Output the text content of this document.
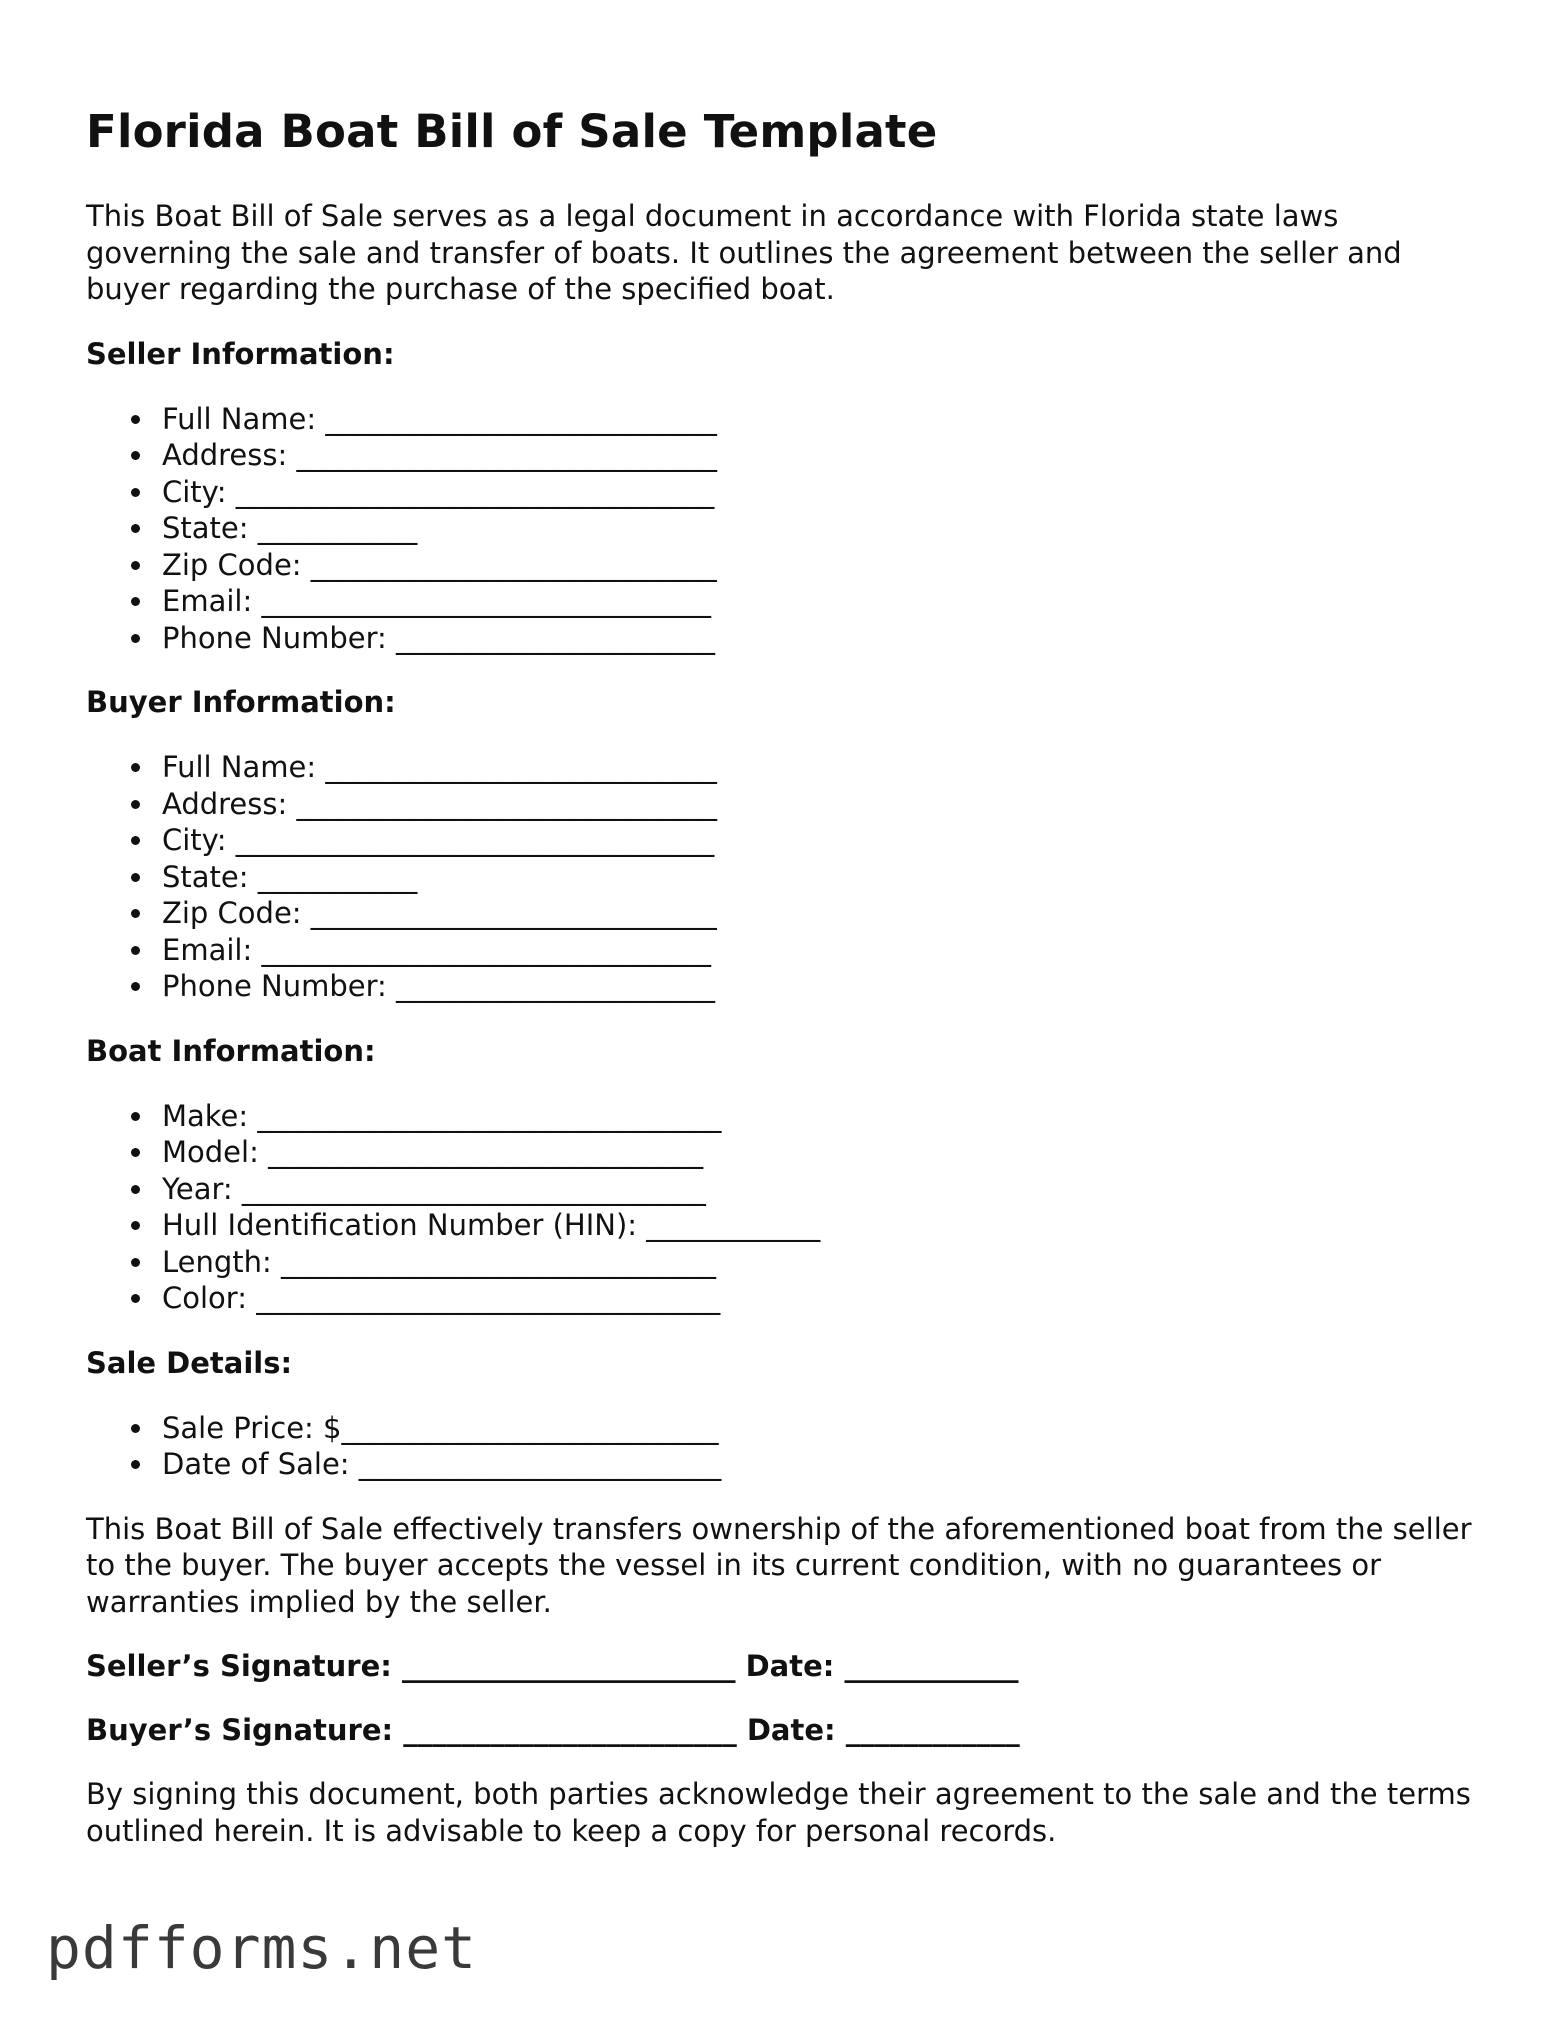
Florida Boat Bill of Sale Template

This Boat Bill of Sale serves as a legal document in accordance with Florida state laws governing the sale and transfer of boats. It outlines the agreement between the seller and buyer regarding the purchase of the specified boat.

Seller Information:

Full Name: ___________________________
Address: _____________________________
City: _________________________________
State: ___________
Zip Code: ____________________________
Email: _______________________________
Phone Number: ______________________

Buyer Information:

Full Name: ___________________________
Address: _____________________________
City: _________________________________
State: ___________
Zip Code: ____________________________
Email: _______________________________
Phone Number: ______________________

Boat Information:

Make: ________________________________
Model: ______________________________
Year: ________________________________
Hull Identification Number (HIN): ____________
Length: ______________________________
Color: ________________________________

Sale Details:

Sale Price: $__________________________
Date of Sale: _________________________

This Boat Bill of Sale effectively transfers ownership of the aforementioned boat from the seller to the buyer. The buyer accepts the vessel in its current condition, with no guarantees or warranties implied by the seller.

Seller’s Signature: _______________________ Date: ____________

Buyer’s Signature: _______________________ Date: ____________

By signing this document, both parties acknowledge their agreement to the sale and the terms outlined herein. It is advisable to keep a copy for personal records.

pdfforms.net
